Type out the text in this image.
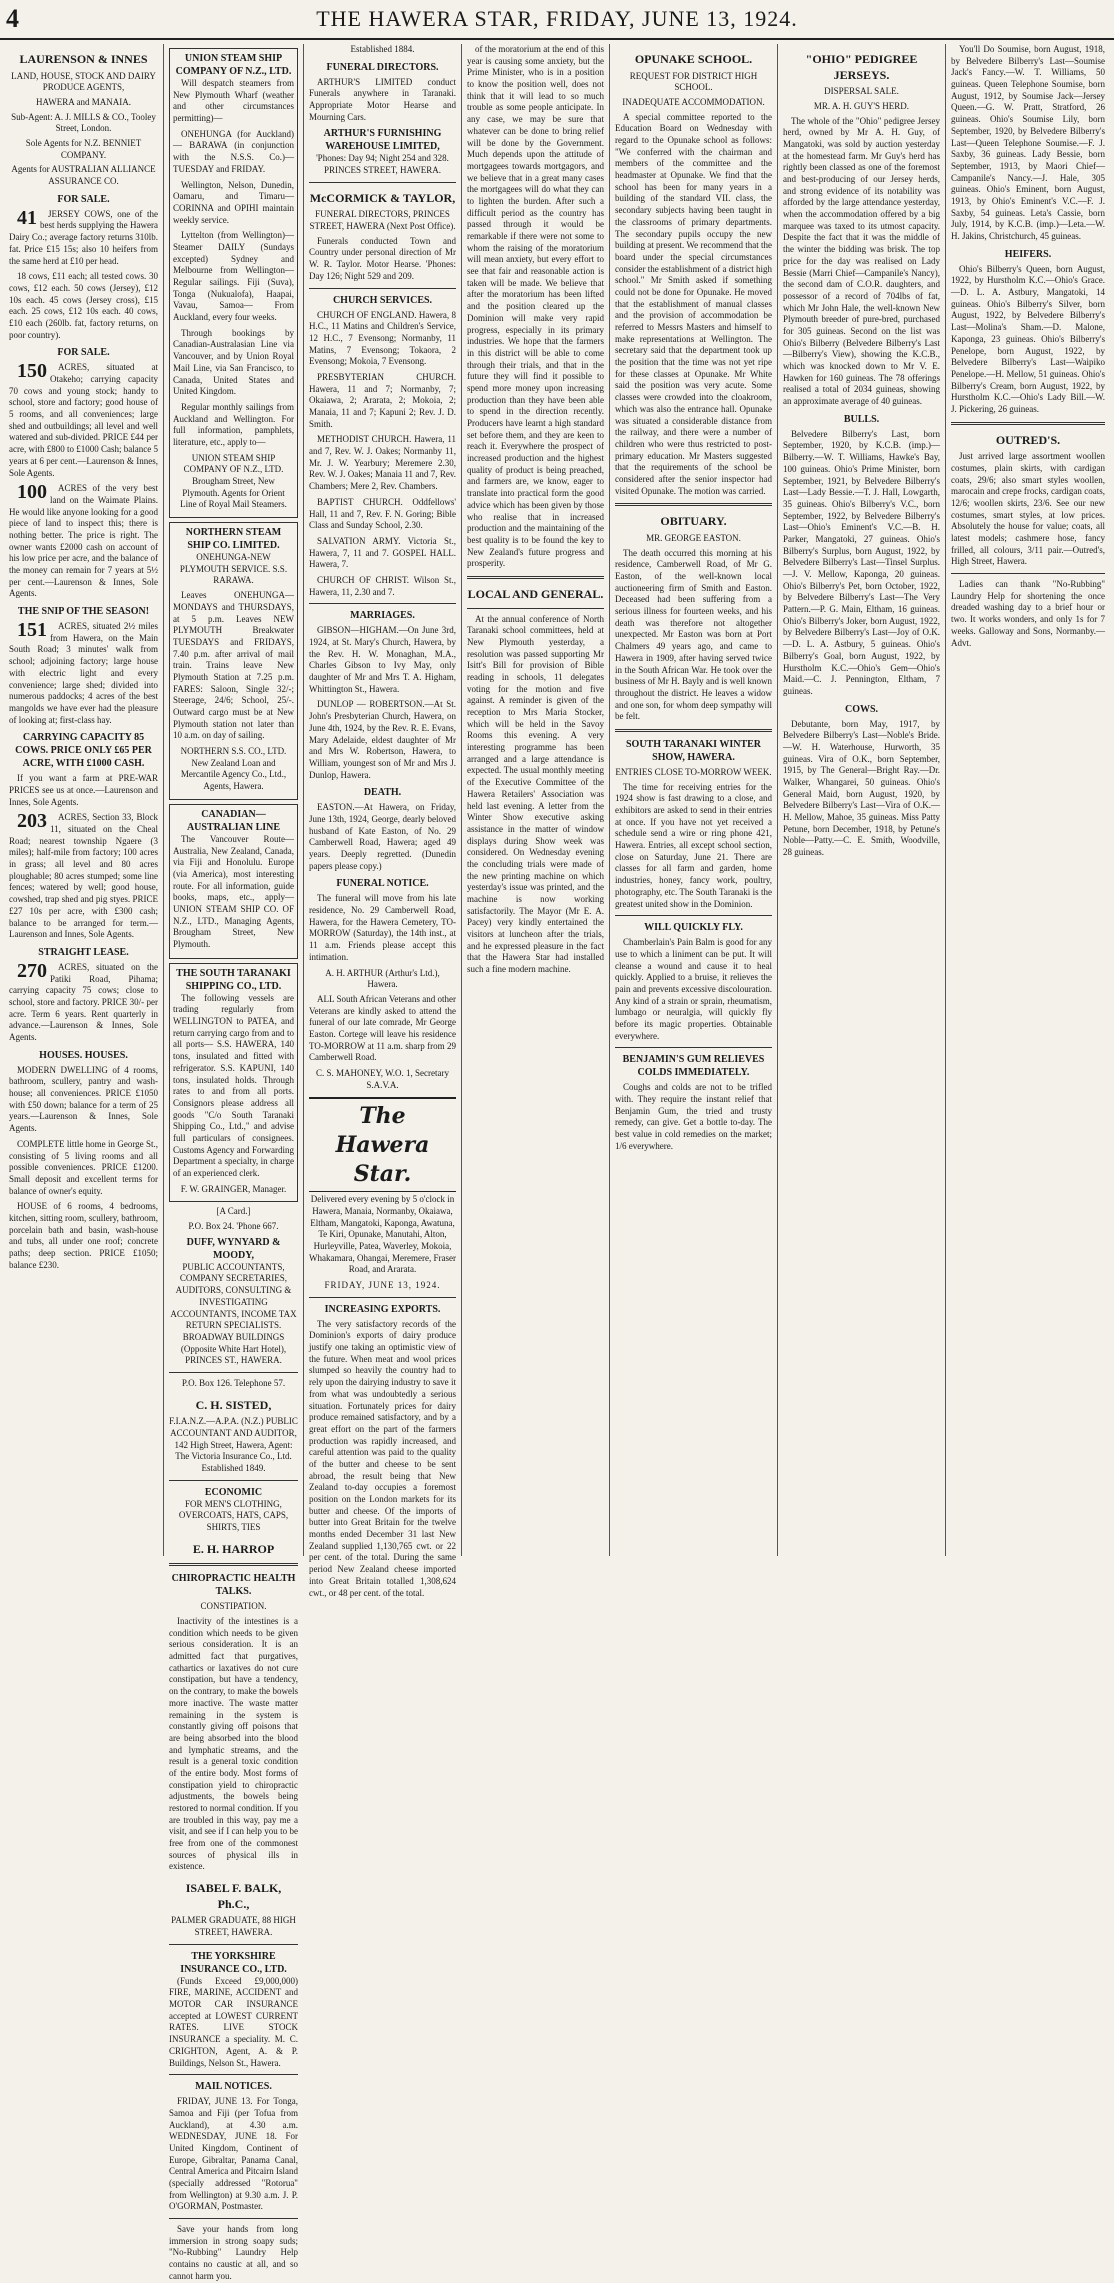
4	THE HAWERA STAR, FRIDAY, JUNE 13, 1924.
LAURENSON & INNES
LAND, HOUSE, STOCK AND DAIRY PRODUCE AGENTS,
HAWERA and MANAIA.
Sub-Agent: A. J. MILLS & CO., Tooley Street, London.
Sole Agents for N.Z. BENNIET COMPANY.
Agents for AUSTRALIAN ALLIANCE ASSURANCE CO.
FOR SALE.
41 JERSEY COWS, one of the best herds supplying the Hawera Dairy Co.; average factory returns 310lb. fat. Price £15 15s; also 10 heifers from the same herd at £10 per head.
18 cows, £11 each; all tested cows. 30 cows, £12 each. 50 cows (Jersey), £12 10s each. 45 cows (Jersey cross), £15 each. 25 cows, £12 10s each. 40 cows, £10 each (260lb. fat, factory returns, on poor country).
FOR SALE.
150 ACRES, situated at Otakeho; carrying capacity 70 cows and young stock; handy to school, store and factory; good house of 5 rooms, and all conveniences; large shed and outbuildings; all level and well watered and sub-divided. PRICE £44 per acre, with £800 to £1000 Cash; balance 5 years at 6 per cent.—Laurenson & Innes, Sole Agents.
100 ACRES of the very best land on the Waimate Plains. He would like anyone looking for a good piece of land to inspect this; there is nothing better. The price is right. The owner wants £2000 cash on account of his low price per acre, and the balance of the money can remain for 7 years at 5½ per cent.—Laurenson & Innes, Sole Agents.
THE SNIP OF THE SEASON!
151 ACRES, situated 2½ miles from Hawera, on the Main South Road; 3 minutes' walk from school; adjoining factory; large house with electric light and every convenience; large shed; divided into numerous paddocks; 4 acres of the best mangolds we have ever had the pleasure of looking at; first-class hay.
CARRYING CAPACITY 85 COWS. PRICE ONLY £65 PER ACRE, WITH £1000 CASH.
If you want a farm at PRE-WAR PRICES see us at once.—Laurenson and Innes, Sole Agents.
203 ACRES, Section 33, Block 11, situated on the Cheal Road; nearest township Ngaere (3 miles); half-mile from factory; 100 acres in grass; all level and 80 acres ploughable; 80 acres stumped; some line fences; watered by well; good house, cowshed, trap shed and pig styes. PRICE £27 10s per acre, with £300 cash; balance to be arranged for term.—Laurenson and Innes, Sole Agents.
STRAIGHT LEASE.
270 ACRES, situated on the Patiki Road, Pihama; carrying capacity 75 cows; close to school, store and factory. PRICE 30/- per acre. Term 6 years. Rent quarterly in advance.—Laurenson & Innes, Sole Agents.
HOUSES. HOUSES.
MODERN DWELLING of 4 rooms, bathroom, scullery, pantry and wash-house; all conveniences. PRICE £1050 with £50 down; balance for a term of 25 years.—Laurenson & Innes, Sole Agents.
COMPLETE little home in George St., consisting of 5 living rooms and all possible conveniences. PRICE £1200. Small deposit and excellent terms for balance of owner's equity.
HOUSE of 6 rooms, 4 bedrooms, kitchen, sitting room, scullery, bathroom, porcelain bath and basin, wash-house and tubs, all under one roof; concrete paths; deep section. PRICE £1050; balance £230.
UNION STEAM SHIP COMPANY OF N.Z., LTD.
Will despatch steamers from New Plymouth Wharf (weather and other circumstances permitting)—
ONEHUNGA (for Auckland)— BARAWA (in conjunction with the N.S.S. Co.)— TUESDAY and FRIDAY.
Wellington, Nelson, Dunedin, Oamaru, and Timaru— CORINNA and OPIHI maintain weekly service.
Lyttelton (from Wellington)— Steamer DAILY (Sundays excepted) Sydney and Melbourne from Wellington—Regular sailings. Fiji (Suva), Tonga (Nukualofa), Haapai, Vavau, Samoa— From Auckland, every four weeks.
Through bookings by Canadian-Australasian Line via Vancouver, and by Union Royal Mail Line, via San Francisco, to Canada, United States and United Kingdom.
Regular monthly sailings from Auckland and Wellington. For full information, pamphlets, literature, etc., apply to—
UNION STEAM SHIP COMPANY OF N.Z., LTD. Brougham Street, New Plymouth. Agents for Orient Line of Royal Mail Steamers.
NORTHERN STEAM SHIP CO. LIMITED.
ONEHUNGA-NEW PLYMOUTH SERVICE. S.S. RARAWA.
Leaves ONEHUNGA— MONDAYS and THURSDAYS, at 5 p.m. Leaves NEW PLYMOUTH Breakwater TUESDAYS and FRIDAYS, 7.40 p.m. after arrival of mail train. Trains leave New Plymouth Station at 7.25 p.m. FARES: Saloon, Single 32/-; Steerage, 24/6; School, 25/-. Outward cargo must be at New Plymouth station not later than 10 a.m. on day of sailing.
NORTHERN S.S. CO., LTD. New Zealand Loan and Mercantile Agency Co., Ltd., Agents, Hawera.
CANADIAN—AUSTRALIAN LINE
The Vancouver Route—Australia, New Zealand, Canada, via Fiji and Honolulu. Europe (via America), most interesting route. For all information, guide books, maps, etc., apply— UNION STEAM SHIP CO. OF N.Z., LTD., Managing Agents, Brougham Street, New Plymouth.
THE SOUTH TARANAKI SHIPPING CO., LTD.
The following vessels are trading regularly from WELLINGTON to PATEA, and return carrying cargo from and to all ports— S.S. HAWERA, 140 tons, insulated and fitted with refrigerator. S.S. KAPUNI, 140 tons, insulated holds. Through rates to and from all ports. Consignors please address all goods "C/o South Taranaki Shipping Co., Ltd.," and advise full particulars of consignees. Customs Agency and Forwarding Department a specialty, in charge of an experienced clerk.
F. W. GRAINGER, Manager.
[A Card.]
P.O. Box 24. 'Phone 667.
DUFF, WYNYARD & MOODY,
PUBLIC ACCOUNTANTS, COMPANY SECRETARIES, AUDITORS, CONSULTING & INVESTIGATING ACCOUNTANTS, INCOME TAX RETURN SPECIALISTS. BROADWAY BUILDINGS (Opposite White Hart Hotel), PRINCES ST., HAWERA.
P.O. Box 126. Telephone 57.
C. H. SISTED,
F.I.A.N.Z.—A.P.A. (N.Z.) PUBLIC ACCOUNTANT AND AUDITOR, 142 High Street, Hawera, Agent: The Victoria Insurance Co., Ltd. Established 1849.
ECONOMIC
FOR MEN'S CLOTHING, OVERCOATS, HATS, CAPS, SHIRTS, TIES
E. H. HARROP
CHIROPRACTIC HEALTH TALKS.
CONSTIPATION.
Inactivity of the intestines is a condition which needs to be given serious consideration. It is an admitted fact that purgatives, cathartics or laxatives do not cure constipation, but have a tendency, on the contrary, to make the bowels more inactive. The waste matter remaining in the system is constantly giving off poisons that are being absorbed into the blood and lymphatic streams, and the result is a general toxic condition of the entire body. Most forms of constipation yield to chiropractic adjustments, the bowels being restored to normal condition. If you are troubled in this way, pay me a visit, and see if I can help you to be free from one of the commonest sources of physical ills in existence.
ISABEL F. BALK, Ph.C.,
PALMER GRADUATE, 88 HIGH STREET, HAWERA.
THE YORKSHIRE INSURANCE CO., LTD.
(Funds Exceed £9,000,000) FIRE, MARINE, ACCIDENT and MOTOR CAR INSURANCE accepted at LOWEST CURRENT RATES. LIVE STOCK INSURANCE a speciality. M. C. CRIGHTON, Agent, A. & P. Buildings, Nelson St., Hawera.
MAIL NOTICES.
FRIDAY, JUNE 13. For Tonga, Samoa and Fiji (per Tofua from Auckland), at 4.30 a.m. WEDNESDAY, JUNE 18. For United Kingdom, Continent of Europe, Gibraltar, Panama Canal, Central America and Pitcairn Island (specially addressed "Rotorua" from Wellington) at 9.30 a.m. J. P. O'GORMAN, Postmaster.
Save your hands from long immersion in strong soapy suds; "No-Rubbing" Laundry Help contains no caustic at all, and so cannot harm you.
Established 1884.
FUNERAL DIRECTORS.
ARTHUR'S LIMITED conduct Funerals anywhere in Taranaki. Appropriate Motor Hearse and Mourning Cars.
ARTHUR'S FURNISHING WAREHOUSE LIMITED,
'Phones: Day 94; Night 254 and 328. PRINCES STREET, HAWERA.
McCORMICK & TAYLOR,
FUNERAL DIRECTORS, PRINCES STREET, HAWERA (Next Post Office).
Funerals conducted Town and Country under personal direction of Mr W. R. Taylor. Motor Hearse. 'Phones: Day 126; Night 529 and 209.
CHURCH SERVICES.
CHURCH OF ENGLAND. Hawera, 8 H.C., 11 Matins and Children's Service, 12 H.C., 7 Evensong; Normanby, 11 Matins, 7 Evensong; Tokaora, 2 Evensong; Mokoia, 7 Evensong.
PRESBYTERIAN CHURCH. Hawera, 11 and 7; Normanby, 7; Okaiawa, 2; Ararata, 2; Mokoia, 2; Manaia, 11 and 7; Kapuni 2; Rev. J. D. Smith.
METHODIST CHURCH. Hawera, 11 and 7, Rev. W. J. Oakes; Normanby 11, Mr. J. W. Yearbury; Meremere 2.30, Rev. W. J. Oakes; Manaia 11 and 7, Rev. Chambers; Mere 2, Rev. Chambers.
BAPTIST CHURCH. Oddfellows' Hall, 11 and 7, Rev. F. N. Goring; Bible Class and Sunday School, 2.30.
SALVATION ARMY. Victoria St., Hawera, 7, 11 and 7. GOSPEL HALL. Hawera, 7.
CHURCH OF CHRIST. Wilson St., Hawera, 11, 2.30 and 7.
MARRIAGES.
GIBSON—HIGHAM.—On June 3rd, 1924, at St. Mary's Church, Hawera, by the Rev. H. W. Monaghan, M.A., Charles Gibson to Ivy May, only daughter of Mr and Mrs T. A. Higham, Whittington St., Hawera.
DUNLOP — ROBERTSON.—At St. John's Presbyterian Church, Hawera, on June 4th, 1924, by the Rev. R. E. Evans, Mary Adelaide, eldest daughter of Mr and Mrs W. Robertson, Hawera, to William, youngest son of Mr and Mrs J. Dunlop, Hawera.
DEATH.
EASTON.—At Hawera, on Friday, June 13th, 1924, George, dearly beloved husband of Kate Easton, of No. 29 Camberwell Road, Hawera; aged 49 years. Deeply regretted. (Dunedin papers please copy.)
FUNERAL NOTICE.
The funeral will move from his late residence, No. 29 Camberwell Road, Hawera, for the Hawera Cemetery, TO-MORROW (Saturday), the 14th inst., at 11 a.m. Friends please accept this intimation.
A. H. ARTHUR (Arthur's Ltd.), Hawera.
ALL South African Veterans and other Veterans are kindly asked to attend the funeral of our late comrade, Mr George Easton. Cortege will leave his residence TO-MORROW at 11 a.m. sharp from 29 Camberwell Road.
C. S. MAHONEY, W.O. 1, Secretary S.A.V.A.
The Hawera Star.
Delivered every evening by 5 o'clock in Hawera, Manaia, Normanby, Okaiawa, Eltham, Mangatoki, Kaponga, Awatuna, Te Kiri, Opunake, Manutahi, Alton, Hurleyville, Patea, Waverley, Mokoia, Whakamara, Ohangai, Meremere, Fraser Road, and Ararata.
FRIDAY, JUNE 13, 1924.
INCREASING EXPORTS.
The very satisfactory records of the Dominion's exports of dairy produce justify one taking an optimistic view of the future. When meat and wool prices slumped so heavily the country had to rely upon the dairying industry to save it from what was undoubtedly a serious situation. Fortunately prices for dairy produce remained satisfactory, and by a great effort on the part of the farmers production was rapidly increased, and careful attention was paid to the quality of the butter and cheese to be sent abroad, the result being that New Zealand to-day occupies a foremost position on the London markets for its butter and cheese. Of the imports of butter into Great Britain for the twelve months ended December 31 last New Zealand supplied 1,130,765 cwt. or 22 per cent. of the total. During the same period New Zealand cheese imported into Great Britain totalled 1,308,624 cwt., or 48 per cent. of the total.
of the moratorium at the end of this year is causing some anxiety, but the Prime Minister, who is in a position to know the position well, does not think that it will lead to so much trouble as some people anticipate. In any case, we may be sure that whatever can be done to bring relief will be done by the Government. Much depends upon the attitude of mortgagees towards mortgagors, and we believe that in a great many cases the mortgagees will do what they can to lighten the burden. After such a difficult period as the country has passed through it would be remarkable if there were not some to whom the raising of the moratorium will mean anxiety, but every effort to see that fair and reasonable action is taken will be made. We believe that after the moratorium has been lifted and the position cleared up the Dominion will make very rapid progress, especially in its primary industries. We hope that the farmers in this district will be able to come through their trials, and that in the future they will find it possible to spend more money upon increasing production than they have been able to spend in the direction recently. Producers have learnt a high standard set before them, and they are keen to reach it. Everywhere the prospect of increased production and the highest quality of product is being preached, and farmers are, we know, eager to translate into practical form the good advice which has been given by those who realise that in increased production and the maintaining of the best quality is to be found the key to New Zealand's future progress and prosperity.
LOCAL AND GENERAL.
At the annual conference of North Taranaki school committees, held at New Plymouth yesterday, a resolution was passed supporting Mr Isitt's Bill for provision of Bible reading in schools, 11 delegates voting for the motion and five against. A reminder is given of the reception to Mrs Maria Stocker, which will be held in the Savoy Rooms this evening. A very interesting programme has been arranged and a large attendance is expected. The usual monthly meeting of the Executive Committee of the Hawera Retailers' Association was held last evening. A letter from the Winter Show executive asking assistance in the matter of window displays during Show week was considered. On Wednesday evening the concluding trials were made of the new printing machine on which yesterday's issue was printed, and the machine is now working satisfactorily. The Mayor (Mr E. A. Pacey) very kindly entertained the visitors at luncheon after the trials, and he expressed pleasure in the fact that the Hawera Star had installed such a fine modern machine.
OPUNAKE SCHOOL.
REQUEST FOR DISTRICT HIGH SCHOOL.
INADEQUATE ACCOMMODATION.
A special committee reported to the Education Board on Wednesday with regard to the Opunake school as follows: "We conferred with the chairman and members of the committee and the headmaster at Opunake. We find that the school has been for many years in a building of the standard VII. class, the secondary subjects having been taught in the classrooms of primary departments. The secondary pupils occupy the new building at present. We recommend that the board under the special circumstances consider the establishment of a district high school." Mr Smith asked if something could not be done for Opunake. He moved that the establishment of manual classes and the provision of accommodation be referred to Messrs Masters and himself to make representations at Wellington. The secretary said that the department took up the position that the time was not yet ripe for these classes at Opunake. Mr White said the position was very acute. Some classes were crowded into the cloakroom, which was also the entrance hall. Opunake was situated a considerable distance from the railway, and there were a number of children who were thus restricted to post-primary education. Mr Masters suggested that the requirements of the school be considered after the senior inspector had visited Opunake. The motion was carried.
OBITUARY.
MR. GEORGE EASTON.
The death occurred this morning at his residence, Camberwell Road, of Mr G. Easton, of the well-known local auctioneering firm of Smith and Easton. Deceased had been suffering from a serious illness for fourteen weeks, and his death was therefore not altogether unexpected. Mr Easton was born at Port Chalmers 49 years ago, and came to Hawera in 1909, after having served twice in the South African War. He took over the business of Mr H. Bayly and is well known throughout the district. He leaves a widow and one son, for whom deep sympathy will be felt.
SOUTH TARANAKI WINTER SHOW, HAWERA.
ENTRIES CLOSE TO-MORROW WEEK.
The time for receiving entries for the 1924 show is fast drawing to a close, and exhibitors are asked to send in their entries at once. If you have not yet received a schedule send a wire or ring phone 421, Hawera. Entries, all except school section, close on Saturday, June 21. There are classes for all farm and garden, home industries, honey, fancy work, poultry, photography, etc. The South Taranaki is the greatest united show in the Dominion.
WILL QUICKLY FLY.
Chamberlain's Pain Balm is good for any use to which a liniment can be put. It will cleanse a wound and cause it to heal quickly. Applied to a bruise, it relieves the pain and prevents excessive discolouration. Any kind of a strain or sprain, rheumatism, lumbago or neuralgia, will quickly fly before its magic properties. Obtainable everywhere.
BENJAMIN'S GUM RELIEVES COLDS IMMEDIATELY.
Coughs and colds are not to be trifled with. They require the instant relief that Benjamin Gum, the tried and trusty remedy, can give. Get a bottle to-day. The best value in cold remedies on the market; 1/6 everywhere.
"OHIO" PEDIGREE JERSEYS.
DISPERSAL SALE.
MR. A. H. GUY'S HERD.
The whole of the "Ohio" pedigree Jersey herd, owned by Mr A. H. Guy, of Mangatoki, was sold by auction yesterday at the homestead farm. Mr Guy's herd has rightly been classed as one of the foremost and best-producing of our Jersey herds, and strong evidence of its notability was afforded by the large attendance yesterday, when the accommodation offered by a big marquee was taxed to its utmost capacity. Despite the fact that it was the middle of the winter the bidding was brisk. The top price for the day was realised on Lady Bessie (Marri Chief—Campanile's Nancy), the second dam of C.O.R. daughters, and possessor of a record of 704lbs of fat, which Mr John Hale, the well-known New Plymouth breeder of pure-bred, purchased for 305 guineas. Second on the list was Ohio's Bilberry (Belvedere Bilberry's Last—Bilberry's View), showing the K.C.B., which was knocked down to Mr V. E. Hawken for 160 guineas. The 78 offerings realised a total of 2034 guineas, showing an approximate average of 40 guineas.
BULLS.
Belvedere Bilberry's Last, born September, 1920, by K.C.B. (imp.)—Bilberry.—W. T. Williams, Hawke's Bay, 100 guineas. Ohio's Prime Minister, born September, 1921, by Belvedere Bilberry's Last—Lady Bessie.—T. J. Hall, Lowgarth, 35 guineas. Ohio's Bilberry's V.C., born September, 1922, by Belvedere Bilberry's Last—Ohio's Eminent's V.C.—B. H. Parker, Mangatoki, 27 guineas. Ohio's Bilberry's Surplus, born August, 1922, by Belvedere Bilberry's Last—Tinsel Surplus.—J. V. Mellow, Kaponga, 20 guineas. Ohio's Bilberry's Pet, born October, 1922, by Belvedere Bilberry's Last—The Very Pattern.—P. G. Main, Eltham, 16 guineas. Ohio's Bilberry's Joker, born August, 1922, by Belvedere Bilberry's Last—Joy of O.K.—D. L. A. Astbury, 5 guineas. Ohio's Bilberry's Goal, born August, 1922, by Hurstholm K.C.—Ohio's Gem—Ohio's Maid.—C. J. Pennington, Eltham, 7 guineas.
COWS.
Debutante, born May, 1917, by Belvedere Bilberry's Last—Noble's Bride.—W. H. Waterhouse, Hurworth, 35 guineas. Vira of O.K., born September, 1915, by The General—Bright Ray.—Dr. Walker, Whangarei, 50 guineas. Ohio's General Maid, born August, 1920, by Belvedere Bilberry's Last—Vira of O.K.—H. Mellow, Mahoe, 35 guineas. Miss Patty Petune, born December, 1918, by Petune's Noble—Patty.—C. E. Smith, Woodville, 28 guineas.
You'll Do Soumise, born August, 1918, by Belvedere Bilberry's Last—Soumise Jack's Fancy.—W. T. Williams, 50 guineas. Queen Telephone Soumise, born August, 1912, by Soumise Jack—Jersey Queen.—G. W. Pratt, Stratford, 26 guineas. Ohio's Soumise Lily, born September, 1920, by Belvedere Bilberry's Last—Queen Telephone Soumise.—F. J. Saxby, 36 guineas. Lady Bessie, born September, 1913, by Maori Chief—Campanile's Nancy.—J. Hale, 305 guineas. Ohio's Eminent, born August, 1913, by Ohio's Eminent's V.C.—F. J. Saxby, 54 guineas. Leta's Cassie, born July, 1914, by K.C.B. (imp.)—Leta.—W. H. Jakins, Christchurch, 45 guineas.
HEIFERS.
Ohio's Bilberry's Queen, born August, 1922, by Hurstholm K.C.—Ohio's Grace.—D. L. A. Astbury, Mangatoki, 14 guineas. Ohio's Bilberry's Silver, born August, 1922, by Belvedere Bilberry's Last—Molina's Sham.—D. Malone, Kaponga, 23 guineas. Ohio's Bilberry's Penelope, born August, 1922, by Belvedere Bilberry's Last—Waipiko Penelope.—H. Mellow, 51 guineas. Ohio's Bilberry's Cream, born August, 1922, by Hurstholm K.C.—Ohio's Lady Bill.—W. J. Pickering, 26 guineas.
OUTRED'S.
Just arrived large assortment woollen costumes, plain skirts, with cardigan coats, 29/6; also smart styles woollen, marocain and crepe frocks, cardigan coats, 12/6; woollen skirts, 23/6. See our new costumes, smart styles, at low prices. Absolutely the house for value; coats, all latest models; cashmere hose, fancy frilled, all colours, 3/11 pair.—Outred's, High Street, Hawera.
Ladies can thank "No-Rubbing" Laundry Help for shortening the once dreaded washing day to a brief hour or two. It works wonders, and only 1s for 7 weeks. Galloway and Sons, Normanby.—Advt.
